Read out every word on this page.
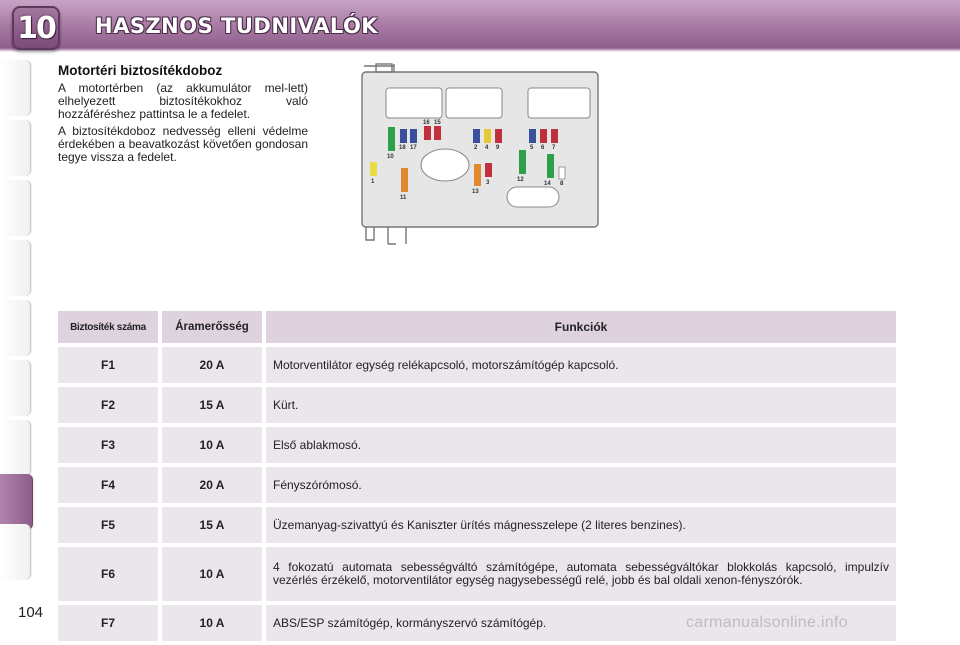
10 HASZNOS TUDNIVALÓK
Motortéri biztosítékdoboz

A motortérben (az akkumulátor mel-lett) elhelyezett biztosítékokhoz való hozzáféréshez pattintsa le a fedelet.

A biztosítékdoboz nedvesség elleni védelme érdekében a beavatkozást követően gondosan tegye vissza a fedelet.	10
18 17
16 15
2 4 9	5 6 7
1
11
13
3	12
14 8
Biztosíték száma	Áramerősség	Funkciók
F1	20 A	Motorventilátor egység relékapcsoló, motorszámítógép kapcsoló.
F2	15 A	Kürt.
F3	10 A	Első ablakmosó.
F4	20 A	Fényszórómosó.
F5	15 A	Üzemanyag-szivattyú és Kaniszter ürítés mágnesszelepe (2 literes benzines).
F6	10 A	4 fokozatú automata sebességváltó számítógépe, automata sebességváltókar blokkolás kapcsoló, impulzív vezérlés érzékelő, motorventilátor egység nagysebességű relé, jobb és bal oldali xenon-fényszórók.
F7	10 A	ABS/ESP számítógép, kormányszervó számítógép.
104
carmanualsonline.info
